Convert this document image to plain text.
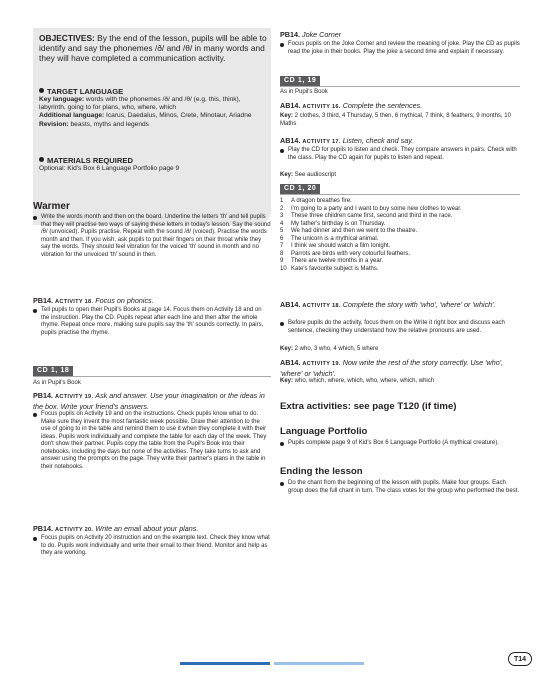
OBJECTIVES: By the end of the lesson, pupils will be able to identify and say the phonemes /ð/ and /θ/ in many words and they will have completed a communication activity.
TARGET LANGUAGE
Key language: words with the phonemes /ð/ and /θ/ (e.g. this, think), labyrinth, going to for plans, who, where, which
Additional language: Icarus, Daedalus, Minos, Crete, Minotaur, Ariadne
Revision: beasts, myths and legends
MATERIALS REQUIRED
Optional: Kid's Box 6 Language Portfolio page 9
Warmer
Write the words month and then on the board. Underline the letters 'th' and tell pupils that they will practise two ways of saying these letters in today's lesson. Say the sound /θ/ (unvoiced). Pupils practise. Repeat with the sound /ð/ (voiced). Practise the words month and then. If you wish, ask pupils to put their fingers on their throat while they say the words. They should feel vibration for the voiced 'th' sound in month and no vibration for the unvoiced 'th' sound in then.
PB14. ACTIVITY 18. Focus on phonics.
Tell pupils to open their Pupil's Books at page 14. Focus them on Activity 18 and on the instruction. Play the CD. Pupils repeat after each line and then after the whole rhyme. Repeat once more, making sure pupils say the 'th' sounds correctly. In pairs, pupils practise the rhyme.
CD 1, 18
As in Pupil's Book
PB14. ACTIVITY 19. Ask and answer. Use your imagination or the ideas in the box. Write your friend's answers.
Focus pupils on Activity 19 and on the instructions. Check pupils know what to do. Make sure they invent the most fantastic week possible. Draw their attention to the use of going to in the table and remind them to use it when they complete it with their ideas. Pupils work individually and complete the table for each day of the week. They don't show their partner. Pupils copy the table from the Pupil's Book into their notebooks, including the days but none of the activities. They take turns to ask and answer using the prompts on the page. They write their partner's plans in the table in their notebooks.
PB14. ACTIVITY 20. Write an email about your plans.
Focus pupils on Activity 20 instruction and on the example text. Check they know what to do. Pupils work individually and write their email to their friend. Monitor and help as they are working.
PB14. Joke Corner
Focus pupils on the Joke Corner and review the meaning of joke. Play the CD as pupils read the joke in their books. Play the joke a second time and explain if necessary.
CD 1, 19
As in Pupil's Book
AB14. ACTIVITY 16. Complete the sentences.
Key: 2 clothes, 3 third, 4 Thursday, 5 then, 6 mythical, 7 think, 8 feathers, 9 months, 10 Maths
AB14. ACTIVITY 17. Listen, check and say.
Play the CD for pupils to listen and check. They compare answers in pairs. Check with the class. Play the CD again for pupils to listen and repeat.
Key: See audioscript
CD 1, 20
1	A dragon breathes fire.
2	I'm going to a party and I want to buy some new clothes to wear.
3	These three children came first, second and third in the race.
4	My father's birthday is on Thursday.
5	We had dinner and then we went to the theatre.
6	The unicorn is a mythical animal.
7	I think we should watch a film tonight.
8	Parrots are birds with very colourful feathers.
9	There are twelve months in a year.
10 Kate's favourite subject is Maths.
AB14. ACTIVITY 18. Complete the story with 'who', 'where' or 'which'.
Before pupils do the activity, focus them on the Write it right box and discuss each sentence, checking they understand how the relative pronouns are used.
Key: 2 who, 3 who, 4 which, 5 where
AB14. ACTIVITY 19. Now write the rest of the story correctly. Use 'who', 'where' or 'which'.
Key: who, which, where, which, who, where, which, which
Extra activities: see page T120 (if time)
Language Portfolio
Pupils complete page 9 of Kid's Box 6 Language Portfolio (A mythical creature).
Ending the lesson
Do the chant from the beginning of the lesson with pupils. Make four groups. Each group does the full chant in turn. The class votes for the group who performed the best.
T14
